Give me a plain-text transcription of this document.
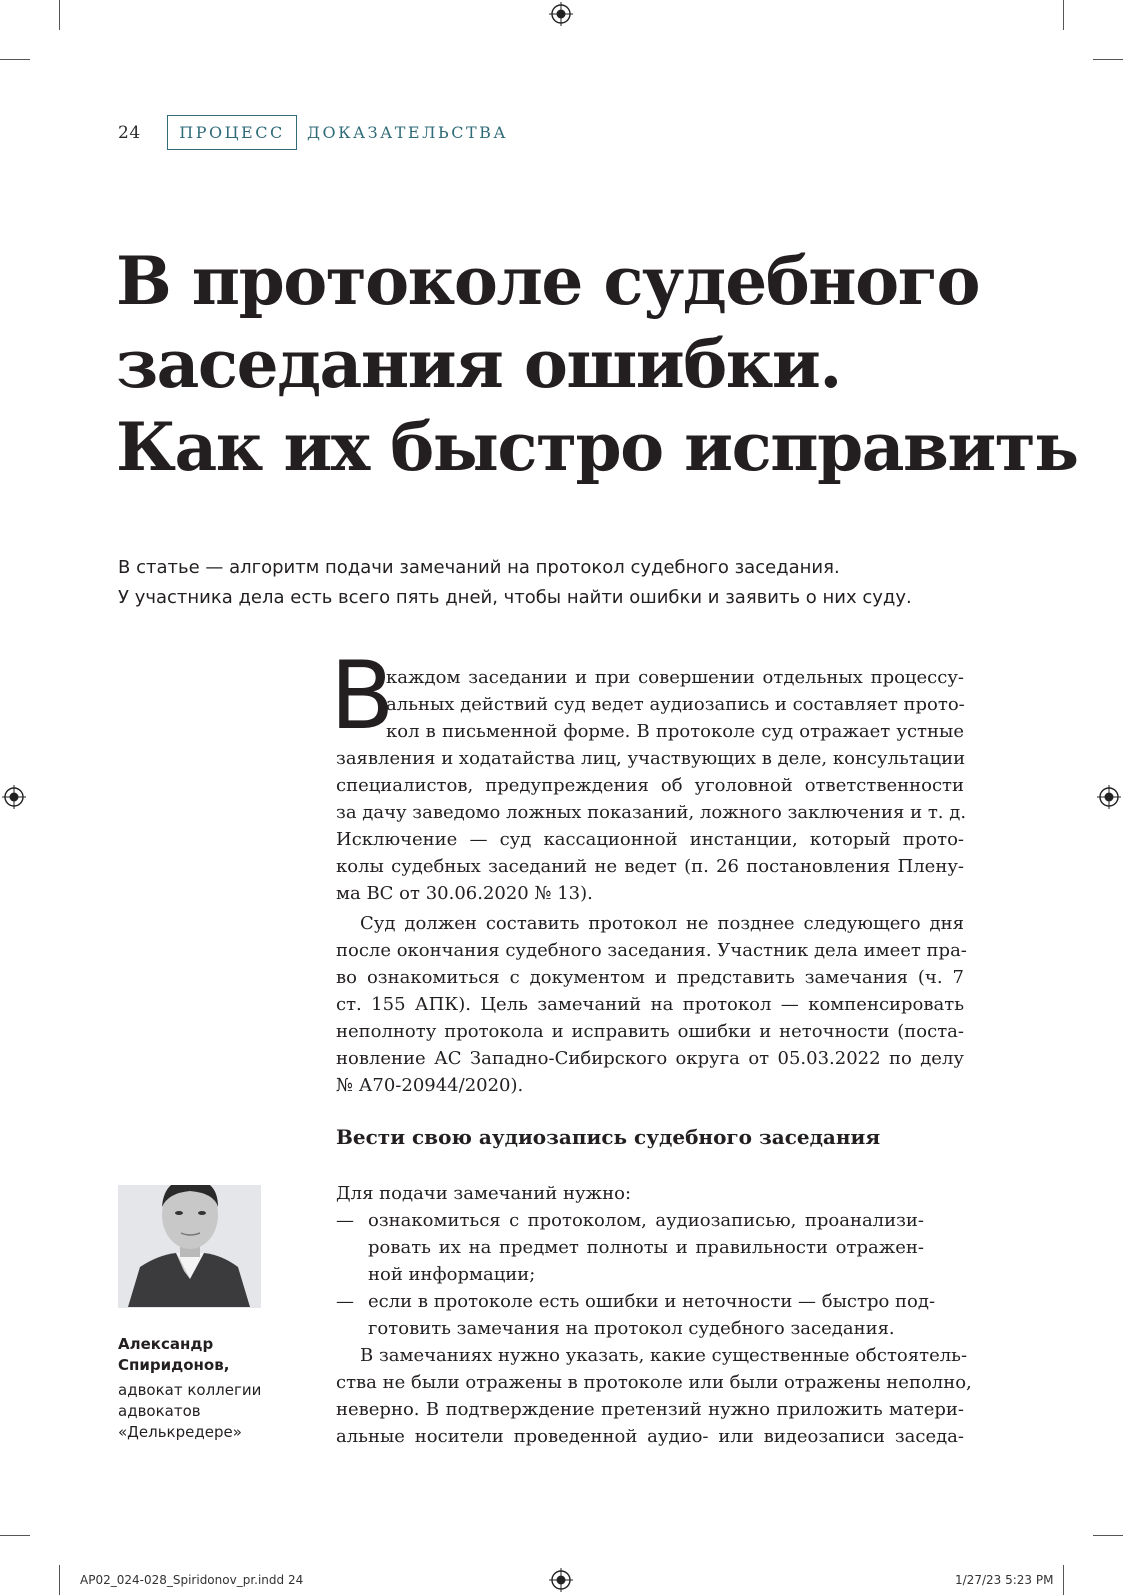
24 ПРОЦЕСС ДОКАЗАТЕЛЬСТВА
В протоколе судебного
заседания ошибки.
Как их быстро исправить
В статье — алгоритм подачи замечаний на протокол судебного заседания.
У участника дела есть всего пять дней, чтобы найти ошибки и заявить о них суду.
В
каждом заседании и при совершении отдельных процессу-
альных действий суд ведет аудиозапись и составляет прото-
кол в письменной форме. В протоколе суд отражает устные
заявления и ходатайства лиц, участвующих в деле, консультации
специалистов, предупреждения об уголовной ответственности
за дачу заведомо ложных показаний, ложного заключения и т. д.
Исключение — суд кассационной инстанции, который прото-
колы судебных заседаний не ведет (п. 26 постановления Плену-
ма ВС от 30.06.2020 № 13).
Суд должен составить протокол не позднее следующего дня
после окончания судебного заседания. Участник дела имеет пра-
во ознакомиться с документом и представить замечания (ч. 7
ст. 155 АПК). Цель замечаний на протокол — компенсировать
неполноту протокола и исправить ошибки и неточности (поста-
новление АС Западно-Сибирского округа от 05.03.2022 по делу
№ А70-20944/2020).
Вести свою аудиозапись судебного заседания
Для подачи замечаний нужно:
— ознакомиться с протоколом, аудиозаписью, проанализи-
ровать их на предмет полноты и правильности отражен-
ной информации;
— если в протоколе есть ошибки и неточности — быстро под-
готовить замечания на протокол судебного заседания.
В замечаниях нужно указать, какие существенные обстоятель-
ства не были отражены в протоколе или были отражены неполно,
неверно. В подтверждение претензий нужно приложить матери-
альные носители проведенной аудио- или видеозаписи заседа-
Александр
Спиридонов,
адвокат коллегии
адвокатов
«Делькредере»
AP02_024-028_Spiridonov_pr.indd 24	1/27/23 5:23 PM
